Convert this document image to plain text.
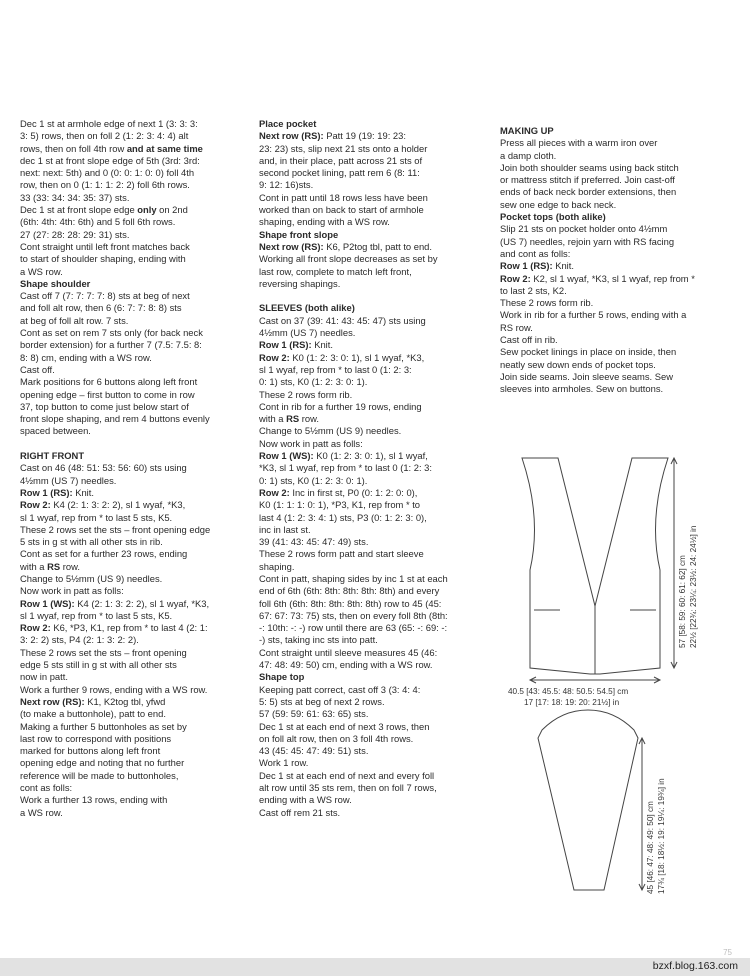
Dec 1 st at armhole edge of next 1 (3: 3: 3:

3: 5) rows, then on foll 2 (1: 2: 3: 4: 4) alt

rows, then on foll 4th row and at same time

dec 1 st at front slope edge of 5th (3rd: 3rd:

next: next: 5th) and 0 (0: 0: 1: 0: 0) foll 4th

row, then on 0 (1: 1: 1: 2: 2) foll 6th rows.

33 (33: 34: 34: 35: 37) sts.

Dec 1 st at front slope edge only on 2nd

(6th: 4th: 4th: 6th) and 5 foll 6th rows.

27 (27: 28: 28: 29: 31) sts.

Cont straight until left front matches back

to start of shoulder shaping, ending with

a WS row.

Shape shoulder

Cast off 7 (7: 7: 7: 7: 8) sts at beg of next

and foll alt row, then 6 (6: 7: 7: 8: 8) sts

at beg of foll alt row. 7 sts.

Cont as set on rem 7 sts only (for back neck

border extension) for a further 7 (7.5: 7.5: 8:

8: 8) cm, ending with a WS row.

Cast off.

Mark positions for 6 buttons along left front

opening edge – first button to come in row

37, top button to come just below start of

front slope shaping, and rem 4 buttons evenly

spaced between.

RIGHT FRONT

Cast on 46 (48: 51: 53: 56: 60) sts using

4½mm (US 7) needles.

Row 1 (RS): Knit.

Row 2: K4 (2: 1: 3: 2: 2), sl 1 wyaf, *K3,

sl 1 wyaf, rep from * to last 5 sts, K5.

These 2 rows set the sts – front opening edge

5 sts in g st with all other sts in rib.

Cont as set for a further 23 rows, ending

with a RS row.

Change to 5½mm (US 9) needles.

Now work in patt as folls:

Row 1 (WS): K4 (2: 1: 3: 2: 2), sl 1 wyaf, *K3,

sl 1 wyaf, rep from * to last 5 sts, K5.

Row 2: K6, *P3, K1, rep from * to last 4 (2: 1:

3: 2: 2) sts, P4 (2: 1: 3: 2: 2).

These 2 rows set the sts – front opening

edge 5 sts still in g st with all other sts

now in patt.

Work a further 9 rows, ending with a WS row.

Next row (RS): K1, K2tog tbl, yfwd

(to make a buttonhole), patt to end.

Making a further 5 buttonholes as set by

last row to correspond with positions

marked for buttons along left front

opening edge and noting that no further

reference will be made to buttonholes,

cont as folls:

Work a further 13 rows, ending with

a WS row.

Place pocket

Next row (RS): Patt 19 (19: 19: 23:

23: 23) sts, slip next 21 sts onto a holder

and, in their place, patt across 21 sts of

second pocket lining, patt rem 6 (8: 11:

9: 12: 16)sts.

Cont in patt until 18 rows less have been

worked than on back to start of armhole

shaping, ending with a WS row.

Shape front slope

Next row (RS): K6, P2tog tbl, patt to end.

Working all front slope decreases as set by

last row, complete to match left front,

reversing shapings.

SLEEVES (both alike)

Cast on 37 (39: 41: 43: 45: 47) sts using

4½mm (US 7) needles.

Row 1 (RS): Knit.

Row 2: K0 (1: 2: 3: 0: 1), sl 1 wyaf, *K3,

sl 1 wyaf, rep from * to last 0 (1: 2: 3:

0: 1) sts, K0 (1: 2: 3: 0: 1).

These 2 rows form rib.

Cont in rib for a further 19 rows, ending

with a RS row.

Change to 5½mm (US 9) needles.

Now work in patt as folls:

Row 1 (WS): K0 (1: 2: 3: 0: 1), sl 1 wyaf,

*K3, sl 1 wyaf, rep from * to last 0 (1: 2: 3:

0: 1) sts, K0 (1: 2: 3: 0: 1).

Row 2: Inc in first st, P0 (0: 1: 2: 0: 0),

K0 (1: 1: 1: 0: 1), *P3, K1, rep from * to

last 4 (1: 2: 3: 4: 1) sts, P3 (0: 1: 2: 3: 0),

inc in last st.

39 (41: 43: 45: 47: 49) sts.

These 2 rows form patt and start sleeve

shaping.

Cont in patt, shaping sides by inc 1 st at each

end of 6th (6th: 8th: 8th: 8th: 8th) and every

foll 6th (6th: 8th: 8th: 8th: 8th) row to 45 (45:

67: 67: 73: 75) sts, then on every foll 8th (8th:

-: 10th: -: -) row until there are 63 (65: -: 69: -:

-) sts, taking inc sts into patt.

Cont straight until sleeve measures 45 (46:

47: 48: 49: 50) cm, ending with a WS row.

Shape top

Keeping patt correct, cast off 3 (3: 4: 4:

5: 5) sts at beg of next 2 rows.

57 (59: 59: 61: 63: 65) sts.

Dec 1 st at each end of next 3 rows, then

on foll alt row, then on 3 foll 4th rows.

43 (45: 45: 47: 49: 51) sts.

Work 1 row.

Dec 1 st at each end of next and every foll

alt row until 35 sts rem, then on foll 7 rows,

ending with a WS row.

Cast off rem 21 sts.

MAKING UP

Press all pieces with a warm iron over

a damp cloth.

Join both shoulder seams using back stitch

or mattress stitch if preferred. Join cast-off

ends of back neck border extensions, then

sew one edge to back neck.

Pocket tops (both alike)

Slip 21 sts on pocket holder onto 4½mm

(US 7) needles, rejoin yarn with RS facing

and cont as folls:

Row 1 (RS): Knit.

Row 2: K2, sl 1 wyaf, *K3, sl 1 wyaf, rep from *

to last 2 sts, K2.

These 2 rows form rib.

Work in rib for a further 5 rows, ending with a

RS row.

Cast off in rib.

Sew pocket linings in place on inside, then

neatly sew down ends of pocket tops.

Join side seams. Join sleeve seams. Sew

sleeves into armholes. Sew on buttons.

57 [58: 59: 60: 61: 62] cm 22½ [22¾: 23¼: 23½: 24: 24½] in
40.5 [43: 45.5: 48: 50.5: 54.5] cm
17 [17: 18: 19: 20: 21½] in
45 [46: 47: 48: 49: 50] cm 17¾ [18: 18½: 19: 19¼: 19¾] in
75
bzxf.blog.163.com
